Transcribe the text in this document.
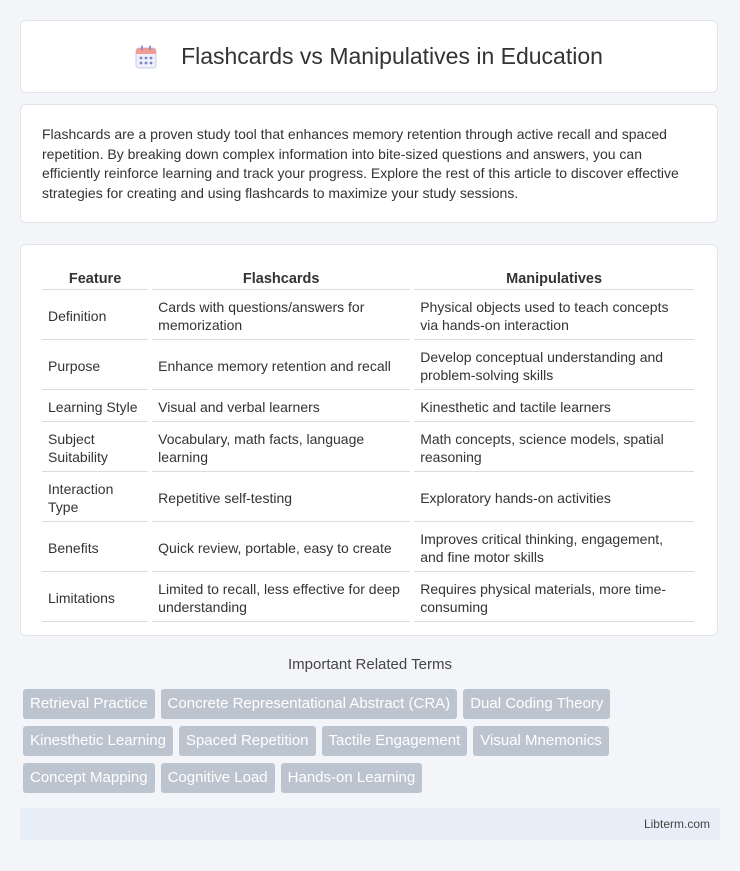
Flashcards vs Manipulatives in Education

Flashcards are a proven study tool that enhances memory retention through active recall and spaced repetition. By breaking down complex information into bite-sized questions and answers, you can efficiently reinforce learning and track your progress. Explore the rest of this article to discover effective strategies for creating and using flashcards to maximize your study sessions.

Feature	Flashcards	Manipulatives
Definition	Cards with questions/answers for memorization	Physical objects used to teach concepts via hands-on interaction
Purpose	Enhance memory retention and recall	Develop conceptual understanding and problem-solving skills
Learning Style	Visual and verbal learners	Kinesthetic and tactile learners
Subject Suitability	Vocabulary, math facts, language learning	Math concepts, science models, spatial reasoning
Interaction Type	Repetitive self-testing	Exploratory hands-on activities
Benefits	Quick review, portable, easy to create	Improves critical thinking, engagement, and fine motor skills
Limitations	Limited to recall, less effective for deep understanding	Requires physical materials, more time-consuming
Important Related Terms
Retrieval Practice	Concrete Representational Abstract (CRA)	Dual Coding Theory
Kinesthetic Learning	Spaced Repetition	Tactile Engagement	Visual Mnemonics
Concept Mapping	Cognitive Load	Hands-on Learning
Libterm.com
